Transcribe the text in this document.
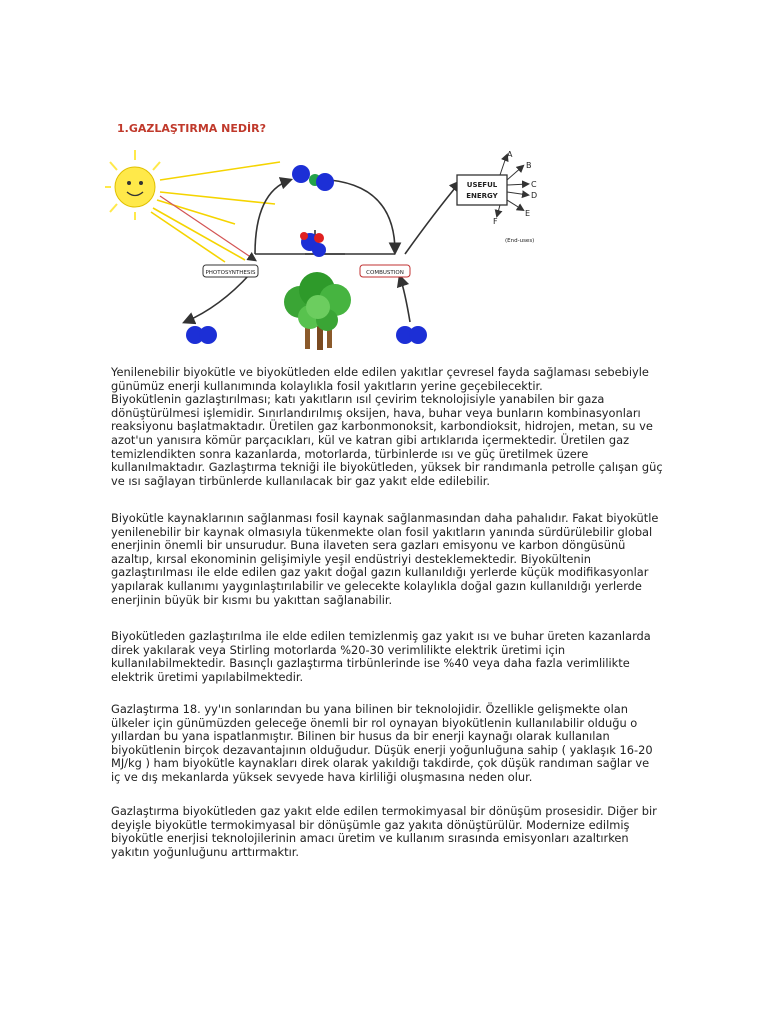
1.GAZLAŞTIRMA NEDİR?
PHOTOSYNTHESIS	COMBUSTION
USEFUL
ENERGY
A
B
C
D
E
F
(End-uses)
Yenilenebilir biyokütle ve biyokütleden elde edilen yakıtlar çevresel fayda sağlaması sebebiyle
günümüz enerji kullanımında kolaylıkla fosil yakıtların yerine geçebilecektir.
Biyokütlenin gazlaştırılması; katı yakıtların ısıl çevirim teknolojisiyle yanabilen bir gaza
dönüştürülmesi işlemidir. Sınırlandırılmış oksijen, hava, buhar veya bunların kombinasyonları
reaksiyonu başlatmaktadır. Üretilen gaz karbonmonoksit, karbondioksit, hidrojen, metan, su ve
azot'un yanısıra kömür parçacıkları, kül ve katran gibi artıklarıda içermektedir. Üretilen gaz
temizlendikten sonra kazanlarda, motorlarda, türbinlerde ısı ve güç üretilmek üzere
kullanılmaktadır. Gazlaştırma tekniği ile biyokütleden, yüksek bir randımanla petrolle çalışan güç
ve ısı sağlayan tirbünlerde kullanılacak bir gaz yakıt elde edilebilir.
Biyokütle kaynaklarının sağlanması fosil kaynak sağlanmasından daha pahalıdır. Fakat biyokütle
yenilenebilir bir kaynak olmasıyla tükenmekte olan fosil yakıtların yanında sürdürülebilir global
enerjinin önemli bir unsurudur. Buna ilaveten sera gazları emisyonu ve karbon döngüsünü
azaltıp, kırsal ekonominin gelişimiyle yeşil endüstriyi desteklemektedir. Biyokültenin
gazlaştırılması ile elde edilen gaz yakıt doğal gazın kullanıldığı yerlerde küçük modifikasyonlar
yapılarak kullanımı yaygınlaştırılabilir ve gelecekte kolaylıkla doğal gazın kullanıldığı yerlerde
enerjinin büyük bir kısmı bu yakıttan sağlanabilir.
Biyokütleden gazlaştırılma ile elde edilen temizlenmiş gaz yakıt ısı ve buhar üreten kazanlarda
direk yakılarak veya Stirling motorlarda %20-30 verimlilikte elektrik üretimi için
kullanılabilmektedir. Basınçlı gazlaştırma tirbünlerinde ise %40 veya daha fazla verimlilikte
elektrik üretimi yapılabilmektedir.
Gazlaştırma 18. yy'ın sonlarından bu yana bilinen bir teknolojidir. Özellikle gelişmekte olan
ülkeler için günümüzden geleceğe önemli bir rol oynayan biyokütlenin kullanılabilir olduğu o
yıllardan bu yana ispatlanmıştır. Bilinen bir husus da bir enerji kaynağı olarak kullanılan
biyokütlenin birçok dezavantajının olduğudur. Düşük enerji yoğunluğuna sahip ( yaklaşık 16-20
MJ/kg ) ham biyokütle kaynakları direk olarak yakıldığı takdirde, çok düşük randıman sağlar ve
iç ve dış mekanlarda yüksek sevyede hava kirliliği oluşmasına neden olur.
Gazlaştırma biyokütleden gaz yakıt elde edilen termokimyasal bir dönüşüm prosesidir. Diğer bir
deyişle biyokütle termokimyasal bir dönüşümle gaz yakıta dönüştürülür. Modernize edilmiş
biyokütle enerjisi teknolojilerinin amacı üretim ve kullanım sırasında emisyonları azaltırken
yakıtın yoğunluğunu arttırmaktır.
